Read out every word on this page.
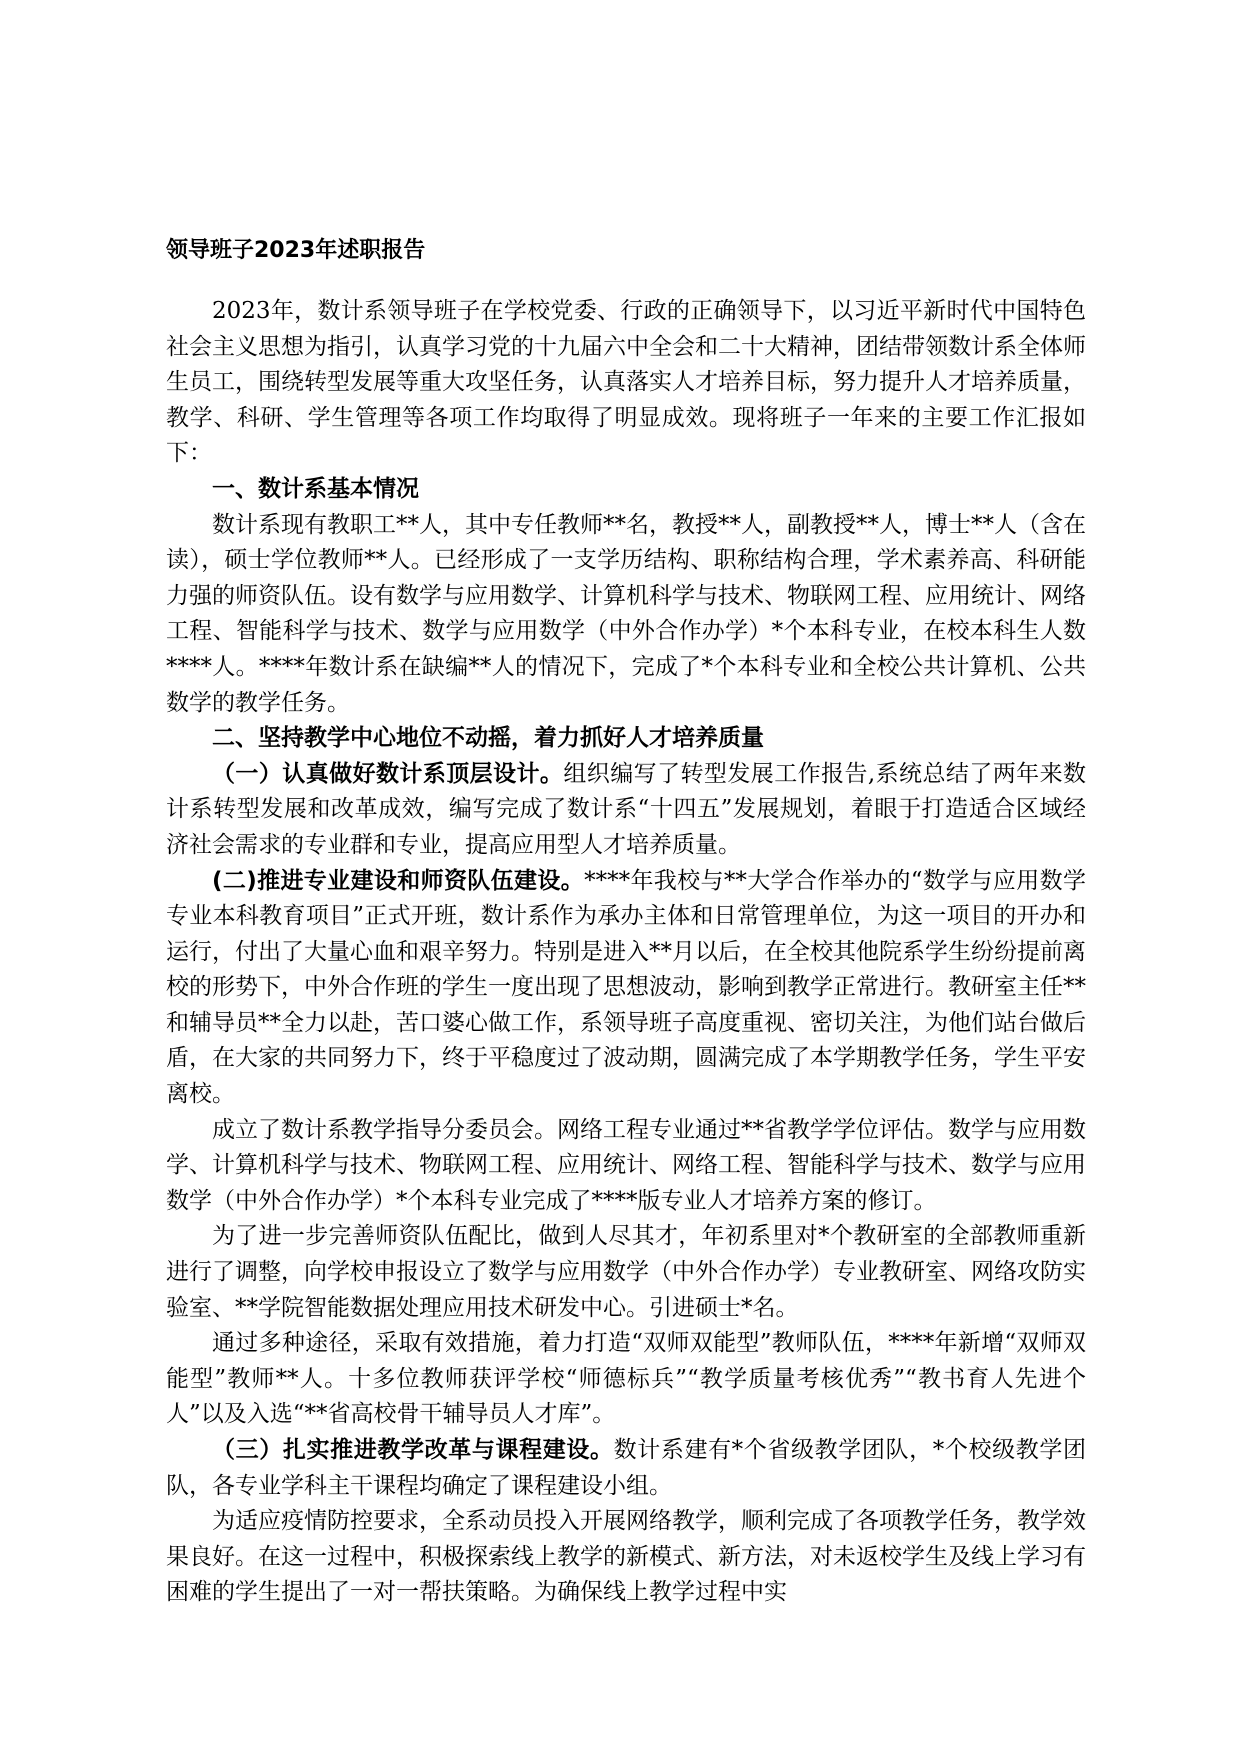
领导班子2023年述职报告

2023年，数计系领导班子在学校党委、行政的正确领导下，以习近平新时代中国特色社会主义思想为指引，认真学习党的十九届六中全会和二十大精神，团结带领数计系全体师生员工，围绕转型发展等重大攻坚任务，认真落实人才培养目标，努力提升人才培养质量，教学、科研、学生管理等各项工作均取得了明显成效。现将班子一年来的主要工作汇报如下：

一、数计系基本情况

数计系现有教职工**人，其中专任教师**名，教授**人，副教授**人，博士**人（含在读），硕士学位教师**人。已经形成了一支学历结构、职称结构合理，学术素养高、科研能力强的师资队伍。设有数学与应用数学、计算机科学与技术、物联网工程、应用统计、网络工程、智能科学与技术、数学与应用数学（中外合作办学）*个本科专业，在校本科生人数****人。****年数计系在缺编**人的情况下，完成了*个本科专业和全校公共计算机、公共数学的教学任务。

二、坚持教学中心地位不动摇，着力抓好人才培养质量

（一）认真做好数计系顶层设计。组织编写了转型发展工作报告,系统总结了两年来数计系转型发展和改革成效，编写完成了数计系“十四五”发展规划，着眼于打造适合区域经济社会需求的专业群和专业，提高应用型人才培养质量。

(二)推进专业建设和师资队伍建设。****年我校与**大学合作举办的“数学与应用数学专业本科教育项目”正式开班，数计系作为承办主体和日常管理单位，为这一项目的开办和运行，付出了大量心血和艰辛努力。特别是进入**月以后，在全校其他院系学生纷纷提前离校的形势下，中外合作班的学生一度出现了思想波动，影响到教学正常进行。教研室主任**和辅导员**全力以赴，苦口婆心做工作，系领导班子高度重视、密切关注，为他们站台做后盾，在大家的共同努力下，终于平稳度过了波动期，圆满完成了本学期教学任务，学生平安离校。

成立了数计系教学指导分委员会。网络工程专业通过**省教学学位评估。数学与应用数学、计算机科学与技术、物联网工程、应用统计、网络工程、智能科学与技术、数学与应用数学（中外合作办学）*个本科专业完成了****版专业人才培养方案的修订。

为了进一步完善师资队伍配比，做到人尽其才，年初系里对*个教研室的全部教师重新进行了调整，向学校申报设立了数学与应用数学（中外合作办学）专业教研室、网络攻防实验室、**学院智能数据处理应用技术研发中心。引进硕士*名。

通过多种途径，采取有效措施，着力打造“双师双能型”教师队伍，****年新增“双师双能型”教师**人。十多位教师获评学校“师德标兵”“教学质量考核优秀”“教书育人先进个人”以及入选“**省高校骨干辅导员人才库”。

（三）扎实推进教学改革与课程建设。数计系建有*个省级教学团队，*个校级教学团队，各专业学科主干课程均确定了课程建设小组。

为适应疫情防控要求，全系动员投入开展网络教学，顺利完成了各项教学任务，教学效果良好。在这一过程中，积极探索线上教学的新模式、新方法，对未返校学生及线上学习有困难的学生提出了一对一帮扶策略。为确保线上教学过程中实
